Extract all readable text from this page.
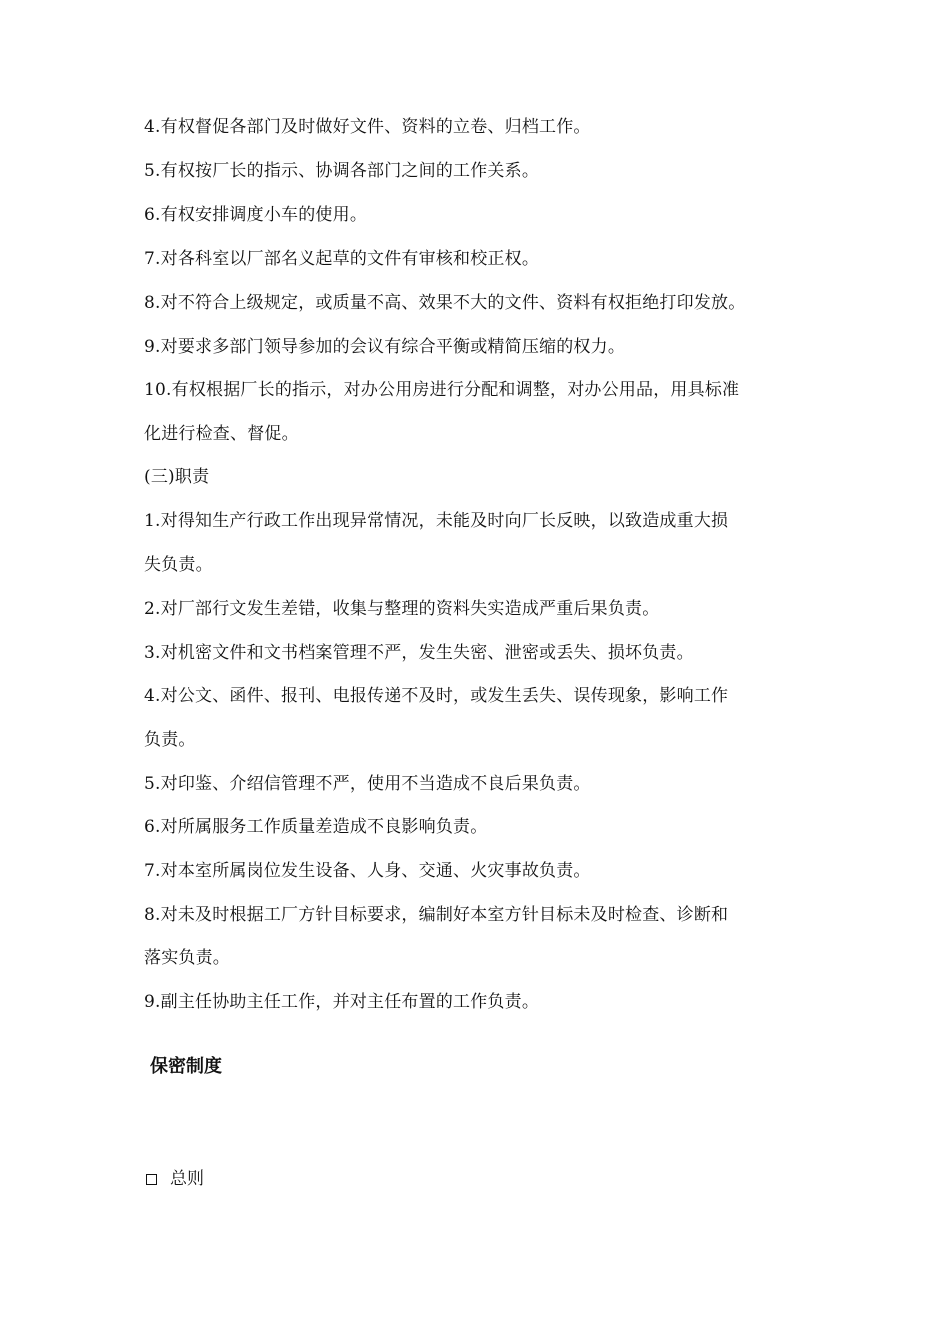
4.有权督促各部门及时做好文件、资料的立卷、归档工作。
5.有权按厂长的指示、协调各部门之间的工作关系。
6.有权安排调度小车的使用。
7.对各科室以厂部名义起草的文件有审核和校正权。
8.对不符合上级规定，或质量不高、效果不大的文件、资料有权拒绝打印发放。
9.对要求多部门领导参加的会议有综合平衡或精简压缩的权力。
10.有权根据厂长的指示，对办公用房进行分配和调整，对办公用品，用具标准
化进行检查、督促。
(三)职责
1.对得知生产行政工作出现异常情况，未能及时向厂长反映，以致造成重大损
失负责。
2.对厂部行文发生差错，收集与整理的资料失实造成严重后果负责。
3.对机密文件和文书档案管理不严，发生失密、泄密或丢失、损坏负责。
4.对公文、函件、报刊、电报传递不及时，或发生丢失、误传现象，影响工作
负责。
5.对印鉴、介绍信管理不严，使用不当造成不良后果负责。
6.对所属服务工作质量差造成不良影响负责。
7.对本室所属岗位发生设备、人身、交通、火灾事故负责。
8.对未及时根据工厂方针目标要求，编制好本室方针目标未及时检查、诊断和
落实负责。
9.副主任协助主任工作，并对主任布置的工作负责。
保密制度
总则
